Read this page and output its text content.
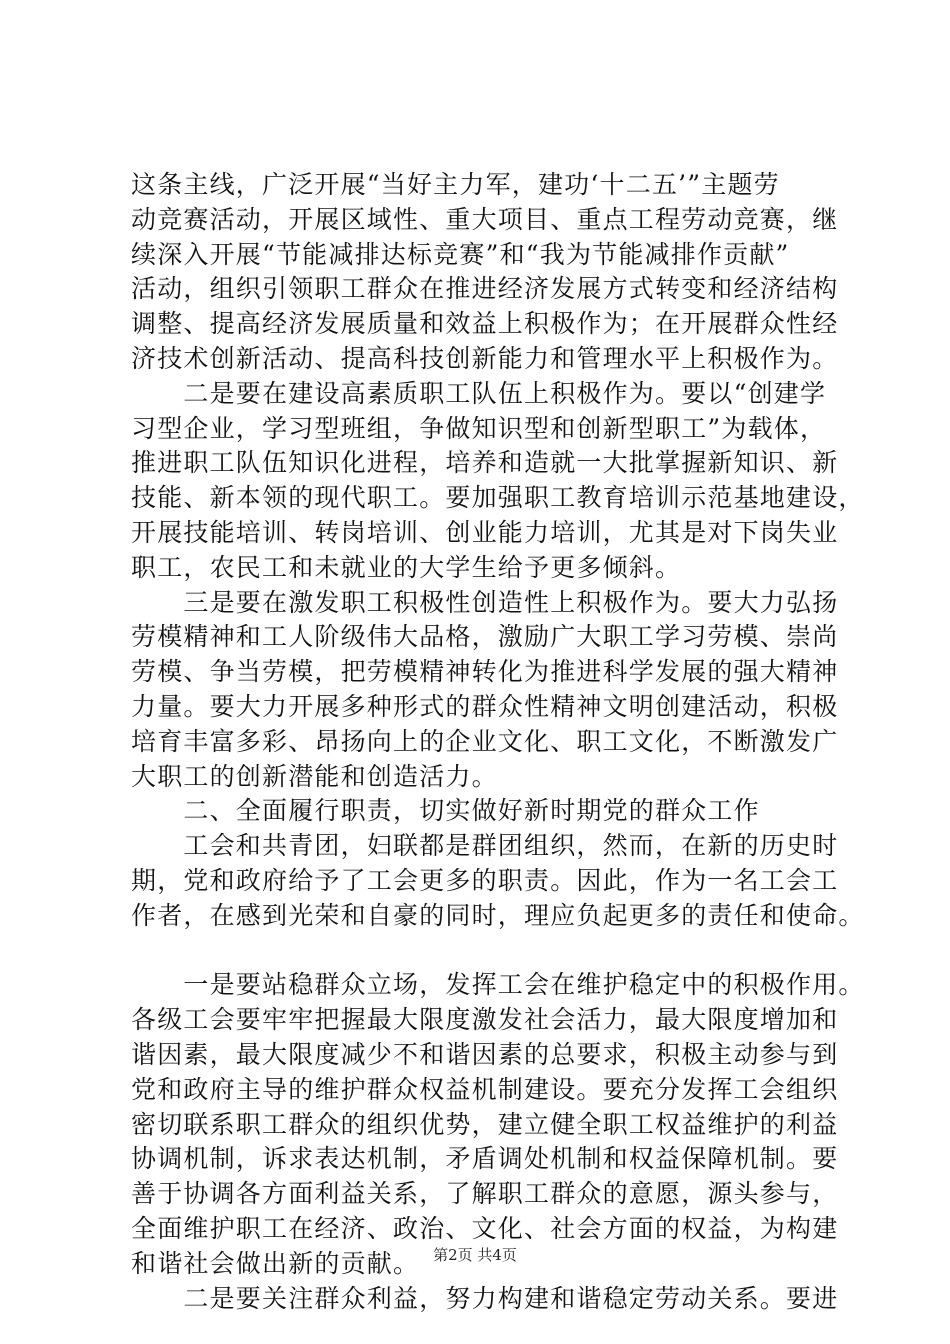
这条主线，广泛开展“当好主力军，建功‘十二五’”主题劳
动竞赛活动，开展区域性、重大项目、重点工程劳动竞赛，继
续深入开展“节能减排达标竞赛”和“我为节能减排作贡献”
活动，组织引领职工群众在推进经济发展方式转变和经济结构
调整、提高经济发展质量和效益上积极作为；在开展群众性经
济技术创新活动、提高科技创新能力和管理水平上积极作为。
　　二是要在建设高素质职工队伍上积极作为。要以“创建学
习型企业，学习型班组，争做知识型和创新型职工”为载体，
推进职工队伍知识化进程，培养和造就一大批掌握新知识、新
技能、新本领的现代职工。要加强职工教育培训示范基地建设，
开展技能培训、转岗培训、创业能力培训，尤其是对下岗失业
职工，农民工和未就业的大学生给予更多倾斜。
　　三是要在激发职工积极性创造性上积极作为。要大力弘扬
劳模精神和工人阶级伟大品格，激励广大职工学习劳模、崇尚
劳模、争当劳模，把劳模精神转化为推进科学发展的强大精神
力量。要大力开展多种形式的群众性精神文明创建活动，积极
培育丰富多彩、昂扬向上的企业文化、职工文化，不断激发广
大职工的创新潜能和创造活力。
　　二、全面履行职责，切实做好新时期党的群众工作
　　工会和共青团，妇联都是群团组织，然而，在新的历史时
期，党和政府给予了工会更多的职责。因此，作为一名工会工
作者，在感到光荣和自豪的同时，理应负起更多的责任和使命。
　　一是要站稳群众立场，发挥工会在维护稳定中的积极作用。
各级工会要牢牢把握最大限度激发社会活力，最大限度增加和
谐因素，最大限度减少不和谐因素的总要求，积极主动参与到
党和政府主导的维护群众权益机制建设。要充分发挥工会组织
密切联系职工群众的组织优势，建立健全职工权益维护的利益
协调机制，诉求表达机制，矛盾调处机制和权益保障机制。要
善于协调各方面利益关系，了解职工群众的意愿，源头参与，
全面维护职工在经济、政治、文化、社会方面的权益，为构建
和谐社会做出新的贡献。
　　二是要关注群众利益，努力构建和谐稳定劳动关系。要进
第2页 共4页
